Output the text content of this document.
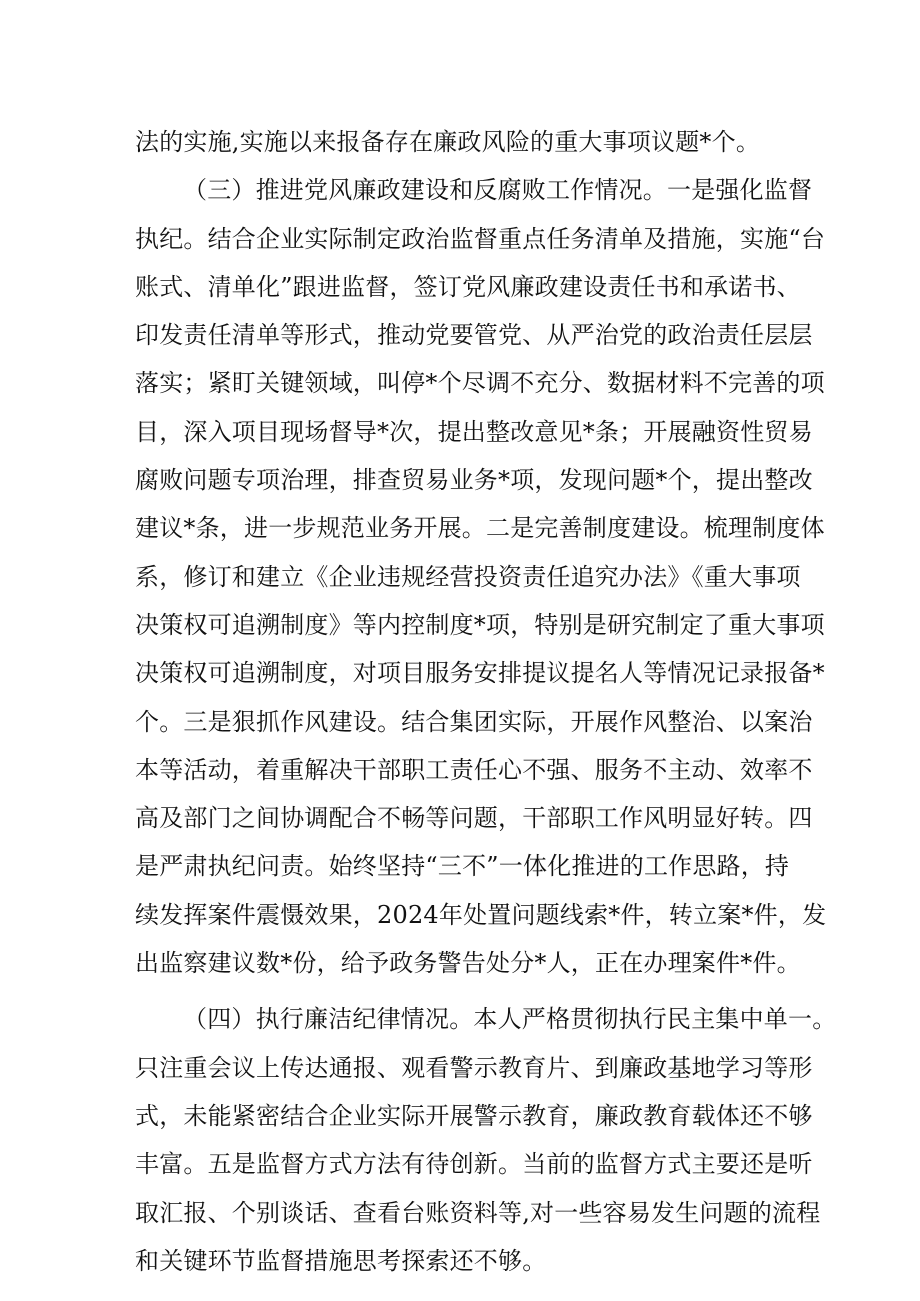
法的实施,实施以来报备存在廉政风险的重大事项议题*个。
（三）推进党风廉政建设和反腐败工作情况。一是强化监督
执纪。结合企业实际制定政治监督重点任务清单及措施，实施“台
账式、清单化”跟进监督，签订党风廉政建设责任书和承诺书、
印发责任清单等形式，推动党要管党、从严治党的政治责任层层
落实；紧盯关键领域，叫停*个尽调不充分、数据材料不完善的项
目，深入项目现场督导*次，提出整改意见*条；开展融资性贸易
腐败问题专项治理，排查贸易业务*项，发现问题*个，提出整改
建议*条，进一步规范业务开展。二是完善制度建设。梳理制度体
系，修订和建立《企业违规经营投资责任追究办法》《重大事项
决策权可追溯制度》等内控制度*项，特别是研究制定了重大事项
决策权可追溯制度，对项目服务安排提议提名人等情况记录报备*
个。三是狠抓作风建设。结合集团实际，开展作风整治、以案治
本等活动，着重解决干部职工责任心不强、服务不主动、效率不
高及部门之间协调配合不畅等问题，干部职工作风明显好转。四
是严肃执纪问责。始终坚持“三不”一体化推进的工作思路，持
续发挥案件震慑效果，2024年处置问题线索*件，转立案*件，发
出监察建议数*份，给予政务警告处分*人，正在办理案件*件。
（四）执行廉洁纪律情况。本人严格贯彻执行民主集中单一。
只注重会议上传达通报、观看警示教育片、到廉政基地学习等形
式，未能紧密结合企业实际开展警示教育，廉政教育载体还不够
丰富。五是监督方式方法有待创新。当前的监督方式主要还是听
取汇报、个别谈话、查看台账资料等,对一些容易发生问题的流程
和关键环节监督措施思考探索还不够。
